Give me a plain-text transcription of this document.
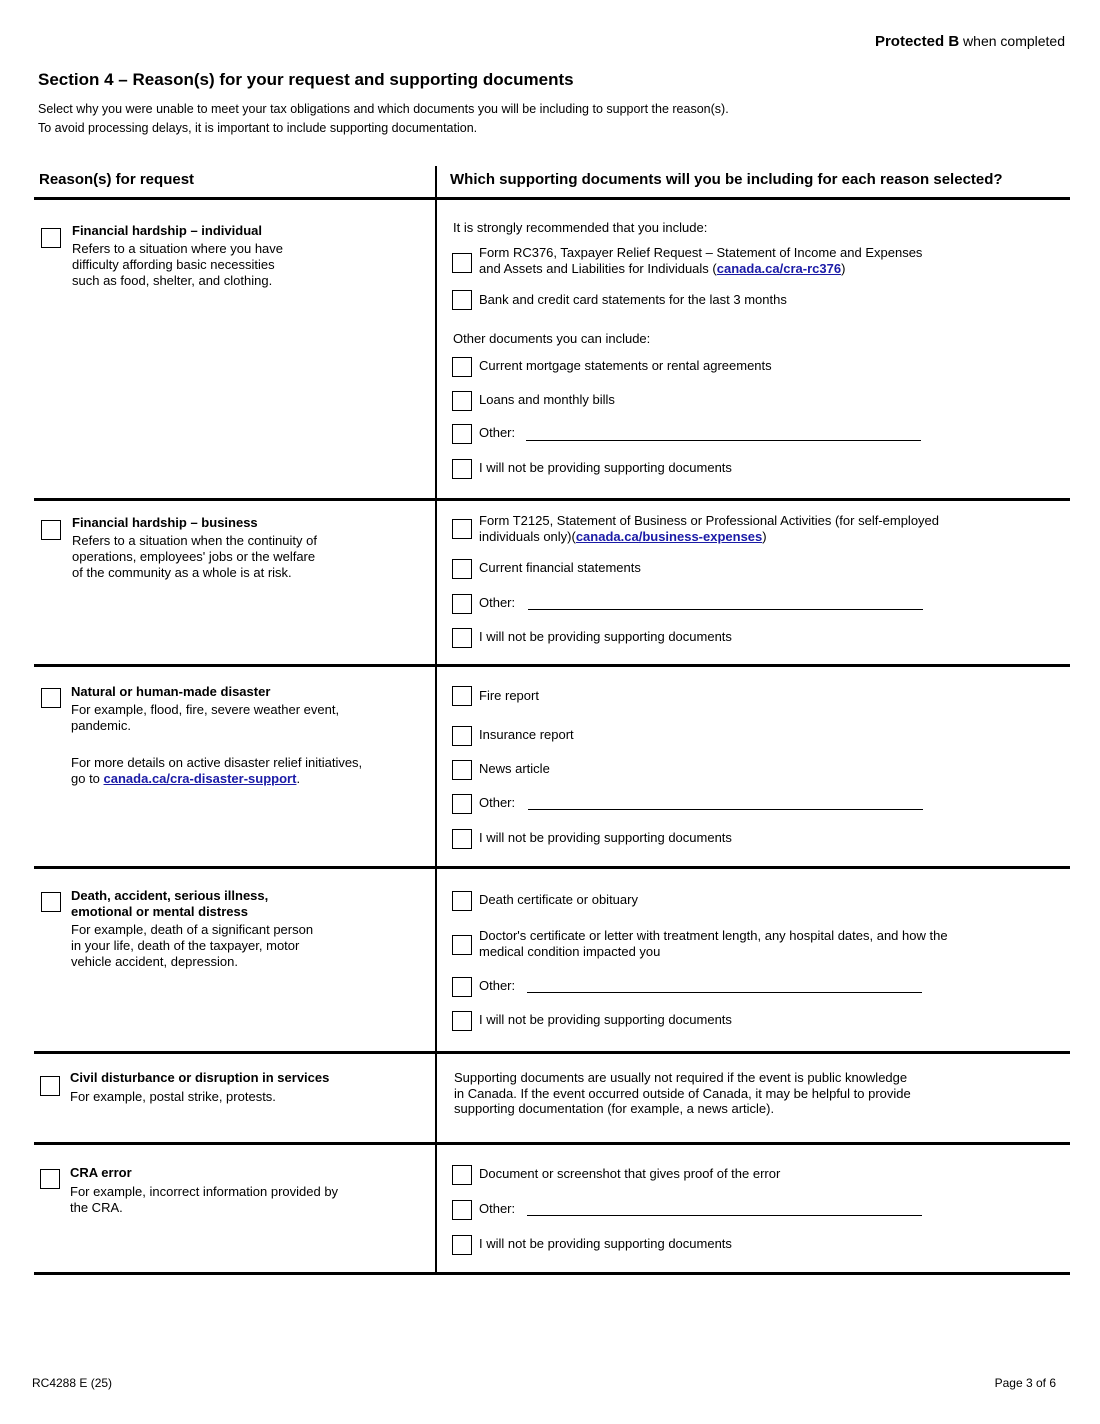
Protected B when completed
Section 4 – Reason(s) for your request and supporting documents
Select why you were unable to meet your tax obligations and which documents you will be including to support the reason(s).
To avoid processing delays, it is important to include supporting documentation.
Reason(s) for request	Which supporting documents will you be including for each reason selected?
Financial hardship – individual
Refers to a situation where you have
difficulty affording basic necessities
such as food, shelter, and clothing.
It is strongly recommended that you include:
Form RC376, Taxpayer Relief Request – Statement of Income and Expenses
and Assets and Liabilities for Individuals (canada.ca/cra-rc376)
Bank and credit card statements for the last 3 months
Other documents you can include:
Current mortgage statements or rental agreements
Loans and monthly bills
Other:
I will not be providing supporting documents
Financial hardship – business
Refers to a situation when the continuity of
operations, employees' jobs or the welfare
of the community as a whole is at risk.
Form T2125, Statement of Business or Professional Activities (for self-employed
individuals only)(canada.ca/business-expenses)
Current financial statements
Other:
I will not be providing supporting documents
Natural or human-made disaster
For example, flood, fire, severe weather event,
pandemic.
For more details on active disaster relief initiatives,
go to canada.ca/cra-disaster-support.
Fire report
Insurance report
News article
Other:
I will not be providing supporting documents
Death, accident, serious illness,
emotional or mental distress
For example, death of a significant person
in your life, death of the taxpayer, motor
vehicle accident, depression.
Death certificate or obituary
Doctor's certificate or letter with treatment length, any hospital dates, and how the
medical condition impacted you
Other:
I will not be providing supporting documents
Civil disturbance or disruption in services
For example, postal strike, protests.
Supporting documents are usually not required if the event is public knowledge
in Canada. If the event occurred outside of Canada, it may be helpful to provide
supporting documentation (for example, a news article).
CRA error
For example, incorrect information provided by
the CRA.
Document or screenshot that gives proof of the error
Other:
I will not be providing supporting documents
RC4288 E (25)	Page 3 of 6
